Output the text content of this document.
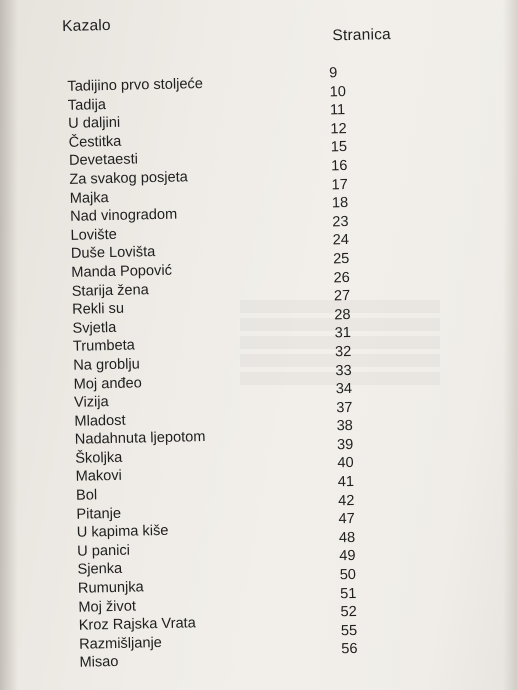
Kazalo
Stranica
Tadijino prvo stoljeće
9
Tadija
10
U daljini
11
Čestitka
12
Devetaesti
15
Za svakog posjeta
16
Majka
17
Nad vinogradom
18
Lovište
23
Duše Lovišta
24
Manda Popović
25
Starija žena
26
Rekli su
27
Svjetla
28
Trumbeta
31
Na groblju
32
Moj anđeo
33
Vizija
34
Mladost
37
Nadahnuta ljepotom
38
Školjka
39
Makovi
40
Bol
41
Pitanje
42
U kapima kiše
47
U panici
48
Sjenka
49
Rumunjka
50
Moj život
51
Kroz Rajska Vrata
52
Razmišljanje
55
Misao
56
